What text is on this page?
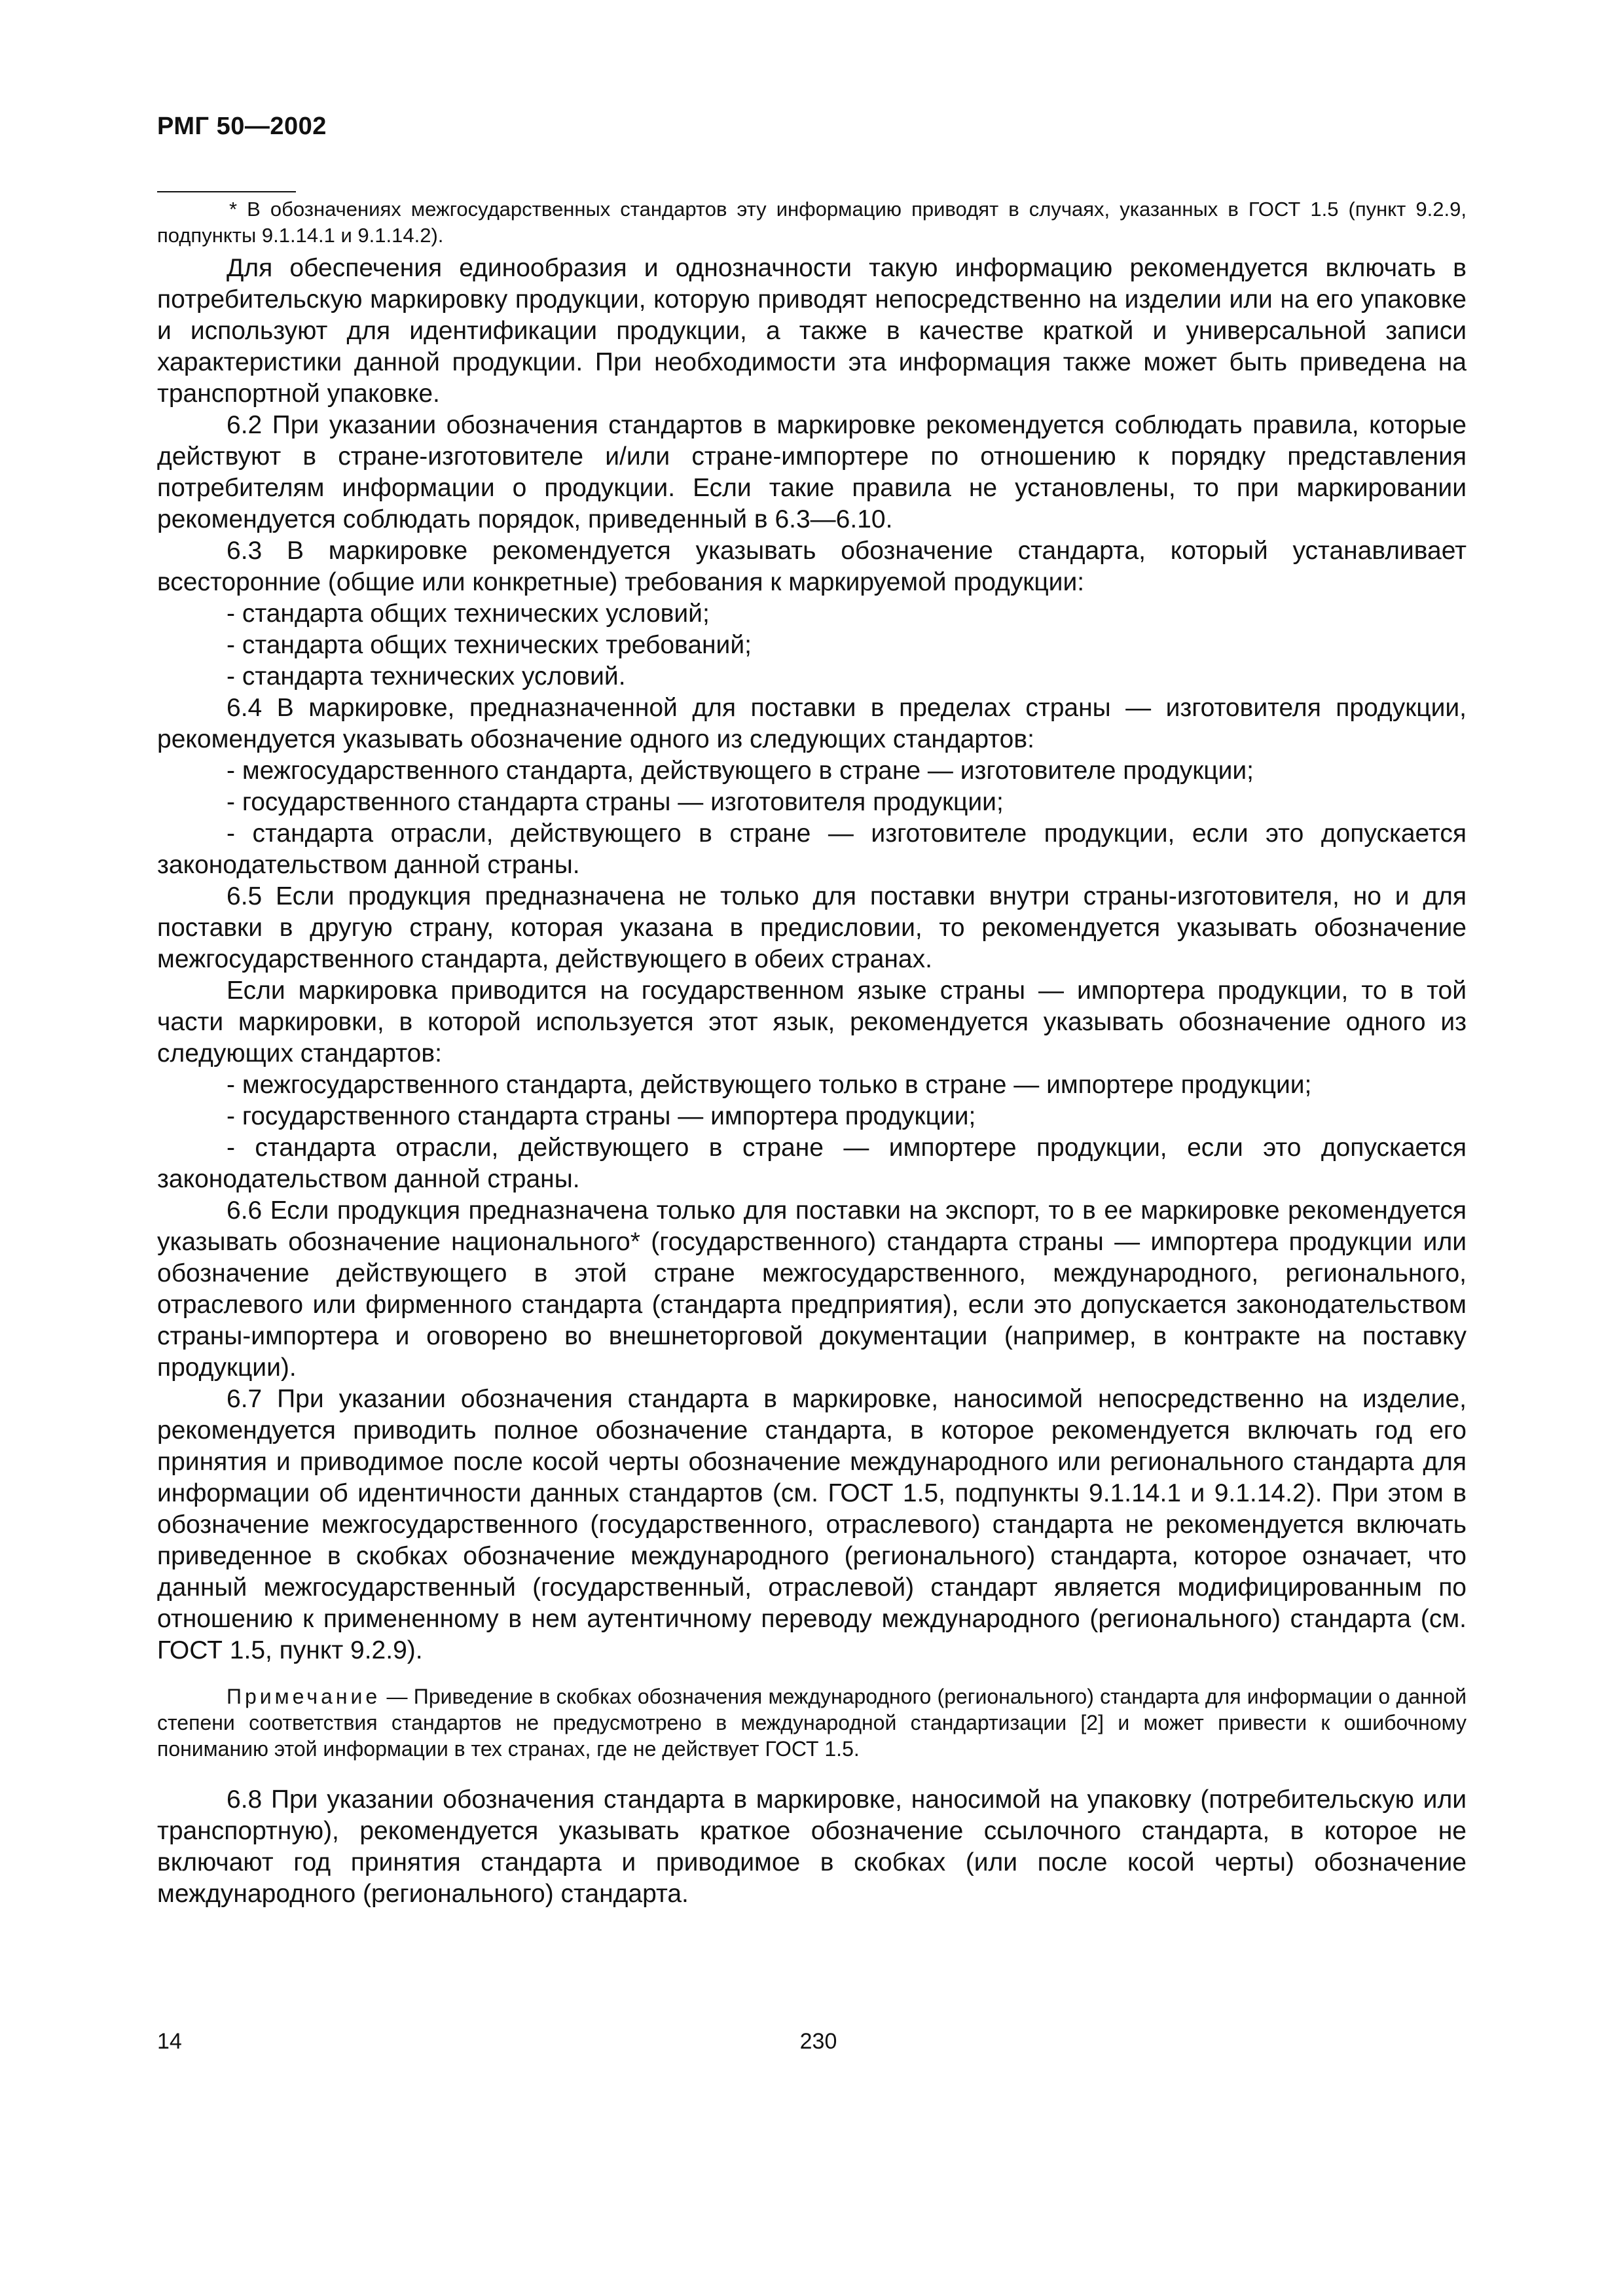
РМГ 50—2002

* В обозначениях межгосударственных стандартов эту информацию приводят в случаях, указанных в ГОСТ 1.5 (пункт 9.2.9, подпункты 9.1.14.1 и 9.1.14.2).

Для обеспечения единообразия и однозначности такую информацию рекомендуется включать в потребительскую маркировку продукции, которую приводят непосредственно на изделии или на его упаковке и используют для идентификации продукции, а также в качестве краткой и универсальной записи характеристики данной продукции. При необходимости эта информация также может быть приведена на транспортной упаковке.

6.2 При указании обозначения стандартов в маркировке рекомендуется соблюдать правила, которые действуют в стране-изготовителе и/или стране-импортере по отношению к порядку представления потребителям информации о продукции. Если такие правила не установлены, то при маркировании рекомендуется соблюдать порядок, приведенный в 6.3—6.10.

6.3 В маркировке рекомендуется указывать обозначение стандарта, который устанавливает всесторонние (общие или конкретные) требования к маркируемой продукции:

- стандарта общих технических условий;

- стандарта общих технических требований;

- стандарта технических условий.

6.4 В маркировке, предназначенной для поставки в пределах страны — изготовителя продукции, рекомендуется указывать обозначение одного из следующих стандартов:

- межгосударственного стандарта, действующего в стране — изготовителе продукции;

- государственного стандарта страны — изготовителя продукции;

- стандарта отрасли, действующего в стране — изготовителе продукции, если это допускается законодательством данной страны.

6.5 Если продукция предназначена не только для поставки внутри страны-изготовителя, но и для поставки в другую страну, которая указана в предисловии, то рекомендуется указывать обозначение межгосударственного стандарта, действующего в обеих странах.

Если маркировка приводится на государственном языке страны — импортера продукции, то в той части маркировки, в которой используется этот язык, рекомендуется указывать обозначение одного из следующих стандартов:

- межгосударственного стандарта, действующего только в стране — импортере продукции;

- государственного стандарта страны — импортера продукции;

- стандарта отрасли, действующего в стране — импортере продукции, если это допускается законодательством данной страны.

6.6 Если продукция предназначена только для поставки на экспорт, то в ее маркировке рекомендуется указывать обозначение национального* (государственного) стандарта страны — импортера продукции или обозначение действующего в этой стране межгосударственного, международного, регионального, отраслевого или фирменного стандарта (стандарта предприятия), если это допускается законодательством страны-импортера и оговорено во внешнеторговой документации (например, в контракте на поставку продукции).

6.7 При указании обозначения стандарта в маркировке, наносимой непосредственно на изделие, рекомендуется приводить полное обозначение стандарта, в которое рекомендуется включать год его принятия и приводимое после косой черты обозначение международного или регионального стандарта для информации об идентичности данных стандартов (см. ГОСТ 1.5, подпункты 9.1.14.1 и 9.1.14.2). При этом в обозначение межгосударственного (государственного, отраслевого) стандарта не рекомендуется включать приведенное в скобках обозначение международного (регионального) стандарта, которое означает, что данный межгосударственный (государственный, отраслевой) стандарт является модифицированным по отношению к примененному в нем аутентичному переводу международного (регионального) стандарта (см. ГОСТ 1.5, пункт 9.2.9).

Примечание — Приведение в скобках обозначения международного (регионального) стандарта для информации о данной степени соответствия стандартов не предусмотрено в международной стандартизации [2] и может привести к ошибочному пониманию этой информации в тех странах, где не действует ГОСТ 1.5.

6.8 При указании обозначения стандарта в маркировке, наносимой на упаковку (потребительскую или транспортную), рекомендуется указывать краткое обозначение ссылочного стандарта, в которое не включают год принятия стандарта и приводимое в скобках (или после косой черты) обозначение международного (регионального) стандарта.

14	230
